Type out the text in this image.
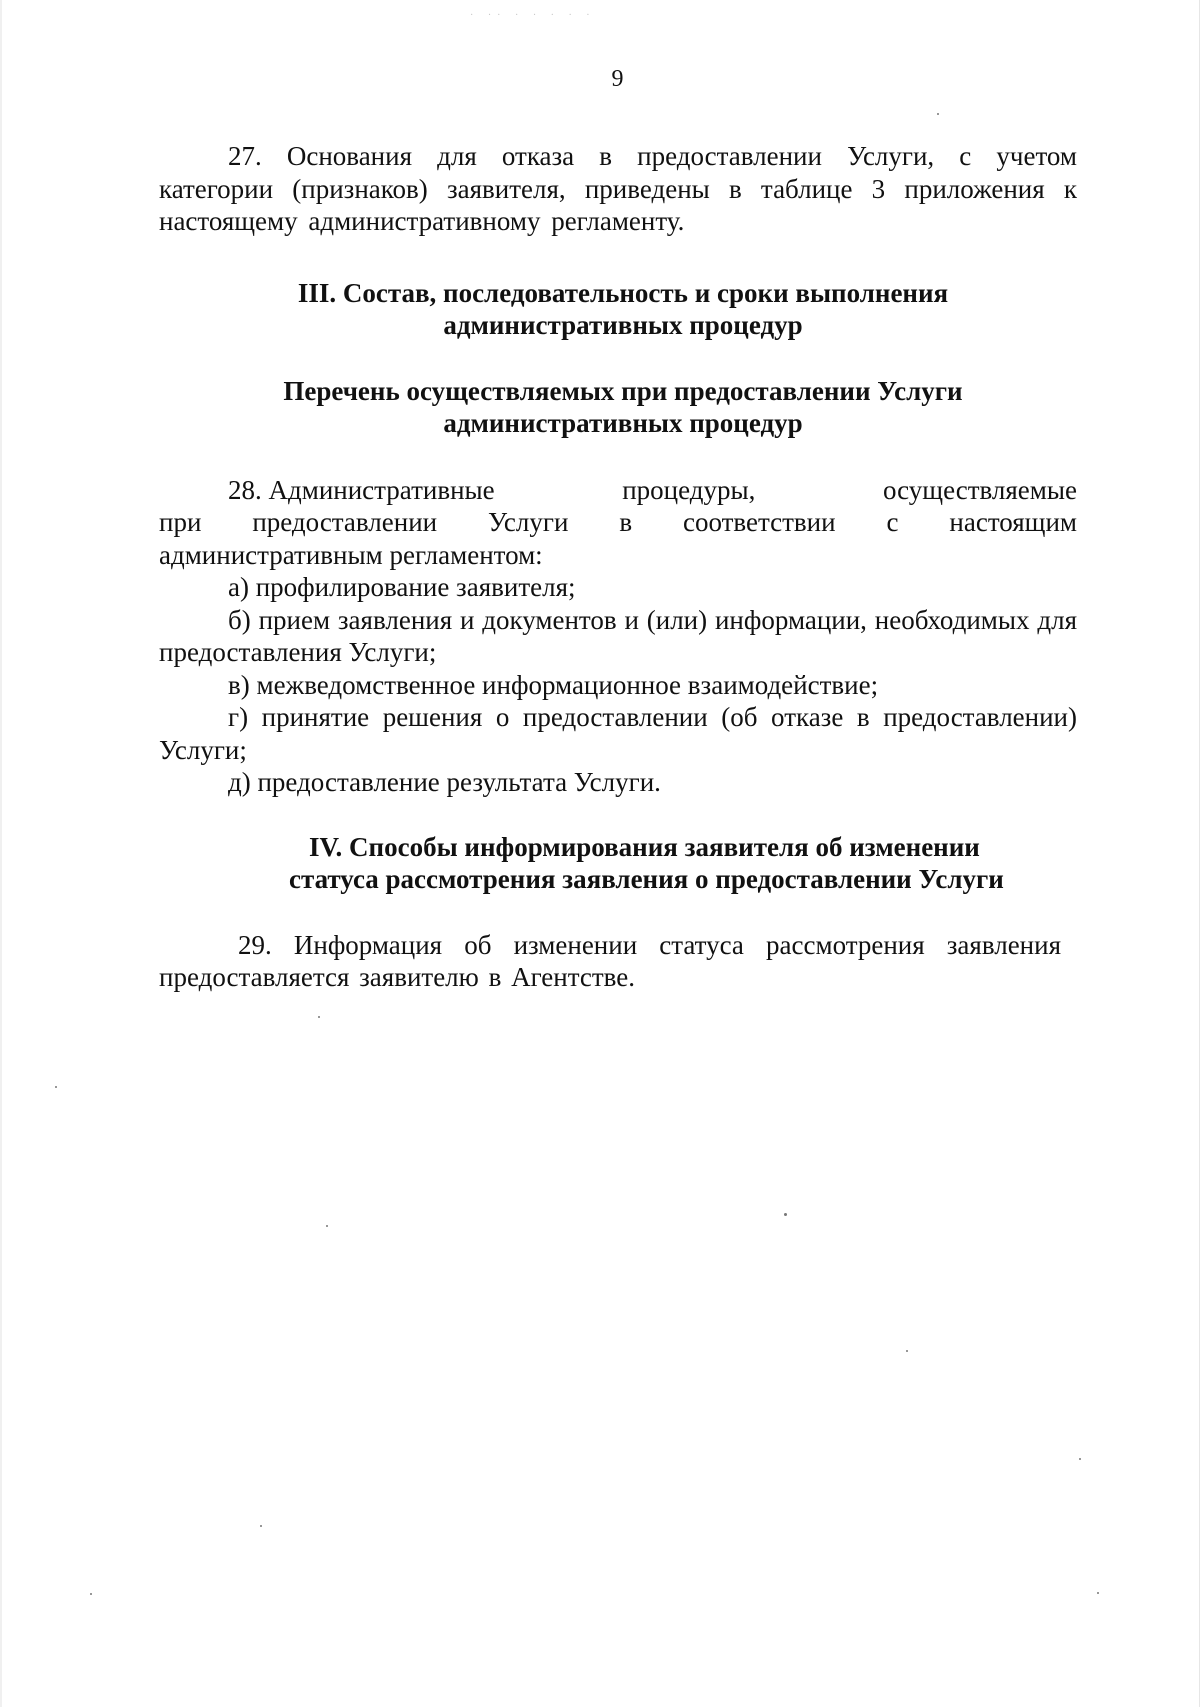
· ·· · · · · ·
9

27. Основания для отказа в предоставлении Услуги, с учетом категории (признаков) заявителя, приведены в таблице 3 приложения к настоящему административному регламенту.

III. Состав, последовательность и сроки выполнения
административных процедур
Перечень осуществляемых при предоставлении Услуги
административных процедур
28. Административные	процедуры,	осуществляемые
при предоставлении Услуги в соответствии с настоящим
административным регламентом:

а) профилирование заявителя;

б) прием заявления и документов и (или) информации, необходимых для предоставления Услуги;

в) межведомственное информационное взаимодействие;

г) принятие решения о предоставлении (об отказе в предоставлении) Услуги;

д) предоставление результата Услуги.

IV. Способы информирования заявителя об изменении
статуса рассмотрения заявления о предоставлении Услуги

29. Информация об изменении статуса рассмотрения заявления предоставляется заявителю в Агентстве.
